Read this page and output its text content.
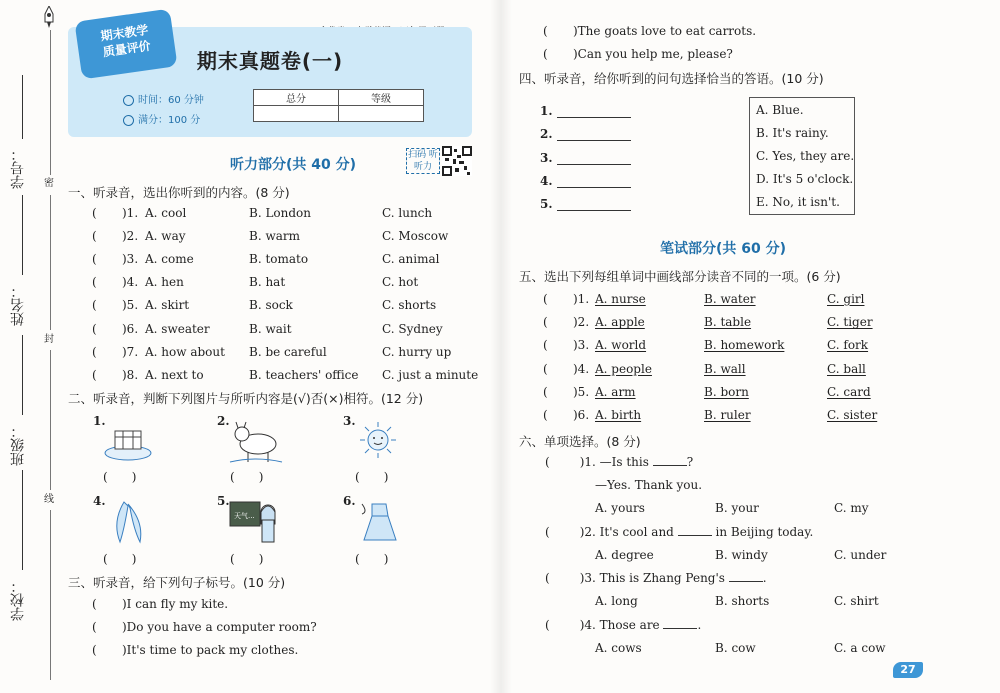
密
封
线
学校：
班级：
姓名：
学号：
期末教学
质量评价
期末真题卷(一)
时间：60 分钟
满分：100 分
总分	等级

听力部分(共 40 分)
扫码 听听力
一、听录音，选出你听到的内容。(8 分)
( )1. A. cool	B. London	C. lunch
( )2. A. way	B. warm	C. Moscow
( )3. A. come	B. tomato	C. animal
( )4. A. hen	B. hat	C. hot
( )5. A. skirt	B. sock	C. shorts
( )6. A. sweater	B. wait	C. Sydney
( )7. A. how about B. be careful	C. hurry up
( )8. A. next to	B. teachers' office C. just a minute
二、听录音，判断下列图片与所听内容是(√)否(×)相符。(12 分)
1.
(　　)
2.
(　　)
3.
(　　)
4.
(　　)
5.
天气...
(　　)
6.
(　　)
三、听录音，给下列句子标号。(10 分)
( )I can fly my kite.
( )Do you have a computer room?
( )It's time to pack my clothes.
( )The goats love to eat carrots.
( )Can you help me, please?
四、听录音，给你听到的问句选择恰当的答语。(10 分)
1.
2.
3.
4.
5.
A. Blue.
B. It's rainy.
C. Yes, they are.
D. It's 5 o'clock.
E. No, it isn't.
笔试部分(共 60 分)
五、选出下列每组单词中画线部分读音不同的一项。(6 分)
( )1. A. nurse	B. water	C. girl
( )2. A. apple	B. table	C. tiger
( )3. A. world	B. homework	C. fork
( )4. A. people	B. wall	C. ball
( )5. A. arm	B. born	C. card
( )6. A. birth	B. ruler	C. sister
六、单项选择。(8 分)
(	)1. —Is this	?
—Yes. Thank you.
A. yours	B. your	C. my
(	)2. It's cool and	in Beijing today.
A. degree	B. windy	C. under
(	)3. This is Zhang Peng's	.
A. long	B. shorts	C. shirt
(	)4. Those are	.
A. cows	B. cow	C. a cow
27
